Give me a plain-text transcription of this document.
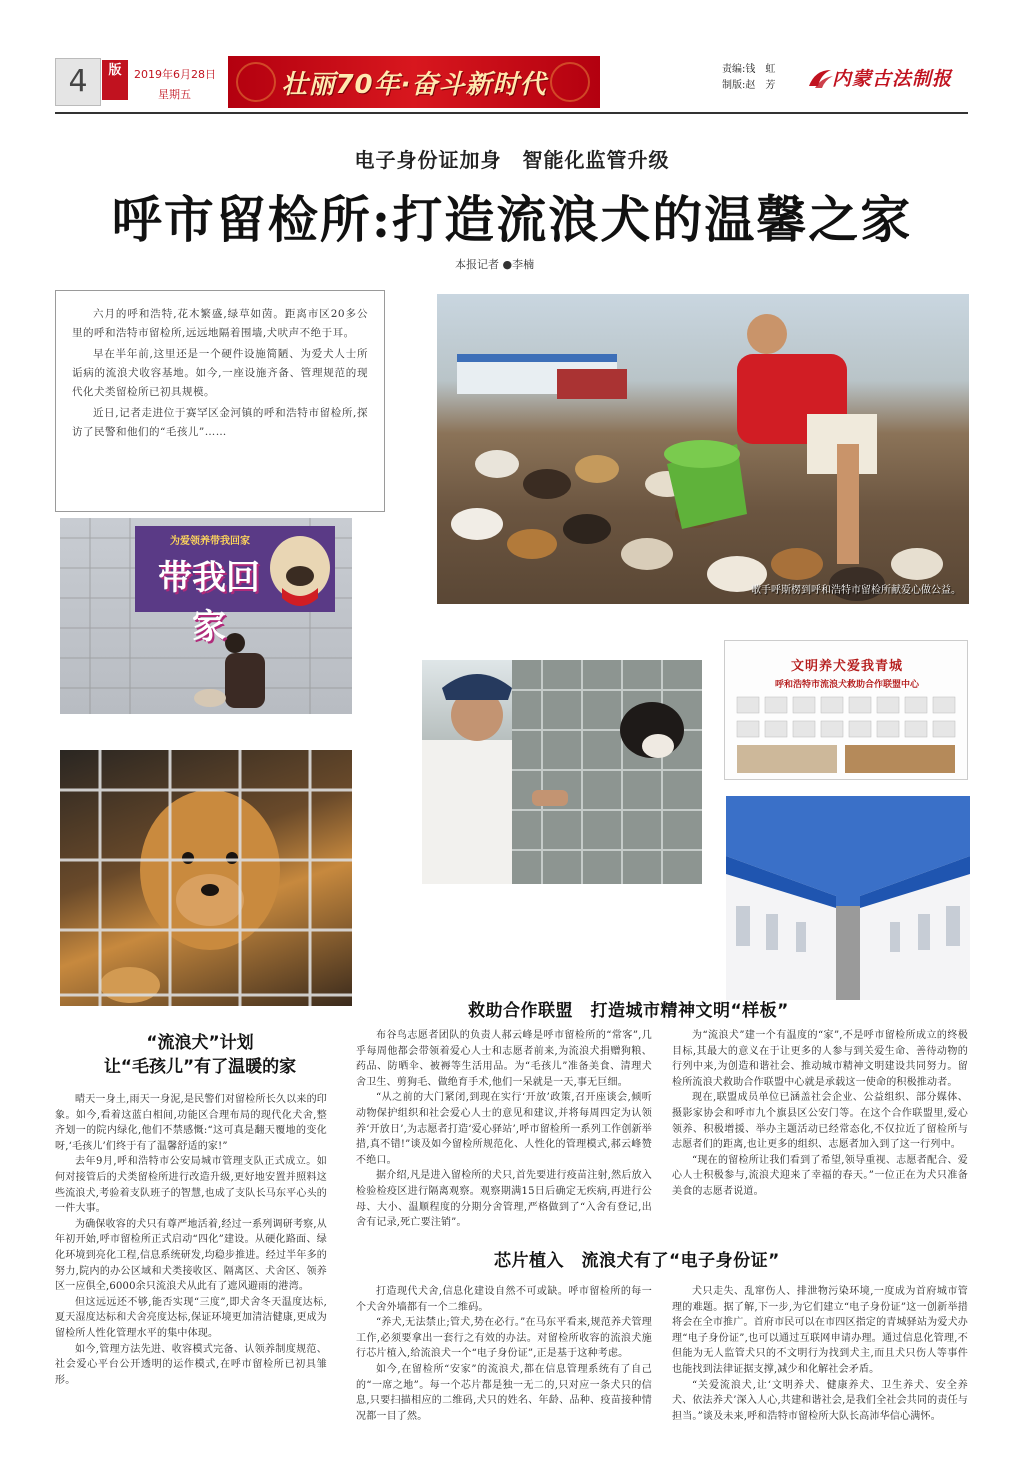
4	版	2019年6月28日
星期五	壮丽70年·奋斗新时代
责编:钱　虹
制版:赵　芳	内蒙古法制报
电子身份证加身　智能化监管升级
呼市留检所:打造流浪犬的温馨之家
本报记者 ●李楠

六月的呼和浩特,花木繁盛,绿草如茵。距离市区20多公里的呼和浩特市留检所,远远地隔着围墙,犬吠声不绝于耳。

早在半年前,这里还是一个硬件设施简陋、为爱犬人士所诟病的流浪犬收容基地。如今,一座设施齐备、管理规范的现代化犬类留检所已初具规模。

近日,记者走进位于赛罕区金河镇的呼和浩特市留检所,探访了民警和他们的“毛孩儿”……

歌手呼斯楞到呼和浩特市留检所献爱心做公益。
为爱领养带我回家
带我回家
文明养犬爱我青城
呼和浩特市流浪犬救助合作联盟中心
“流浪犬”计划
让“毛孩儿”有了温暖的家

晴天一身土,雨天一身泥,是民警们对留检所长久以来的印象。如今,看着这蓝白相间,功能区合理布局的现代化犬舍,整齐划一的院内绿化,他们不禁感慨:“这可真是翻天覆地的变化呀,‘毛孩儿’们终于有了温馨舒适的家!”

去年9月,呼和浩特市公安局城市管理支队正式成立。如何对接管后的犬类留检所进行改造升级,更好地安置并照料这些流浪犬,考验着支队班子的智慧,也成了支队长马东平心头的一件大事。

为确保收容的犬只有尊严地活着,经过一系列调研考察,从年初开始,呼市留检所正式启动“四化”建设。从硬化路面、绿化环境到亮化工程,信息系统研发,均稳步推进。经过半年多的努力,院内的办公区域和犬类接收区、隔离区、犬舍区、领养区一应俱全,6000余只流浪犬从此有了遮风避雨的港湾。

但这远远还不够,能否实现“三度”,即犬舍冬天温度达标,夏天湿度达标和犬舍亮度达标,保证环境更加清洁健康,更成为留检所人性化管理水平的集中体现。

如今,管理方法先进、收容模式完备、认领养制度规范、社会爱心平台公开透明的运作模式,在呼市留检所已初具雏形。

救助合作联盟　打造城市精神文明“样板”

布谷鸟志愿者团队的负责人郝云峰是呼市留检所的“常客”,几乎每周他都会带领着爱心人士和志愿者前来,为流浪犬捐赠狗粮、药品、防晒伞、被褥等生活用品。为“毛孩儿”准备美食、清理犬舍卫生、剪狗毛、做绝育手术,他们一呆就是一天,事无巨细。

“从之前的大门紧闭,到现在实行‘开放’政策,召开座谈会,倾听动物保护组织和社会爱心人士的意见和建议,并将每周四定为认领养‘开放日’,为志愿者打造‘爱心驿站’,呼市留检所一系列工作创新举措,真不错!”谈及如今留检所规范化、人性化的管理模式,郝云峰赞不绝口。

据介绍,凡是进入留检所的犬只,首先要进行疫苗注射,然后放入检验检疫区进行隔离观察。观察期满15日后确定无疾病,再进行公母、大小、温顺程度的分期分舍管理,严格做到了“入舍有登记,出舍有记录,死亡要注销”。

为“流浪犬”建一个有温度的“家”,不是呼市留检所成立的终极目标,其最大的意义在于让更多的人参与到关爱生命、善待动物的行列中来,为创造和谐社会、推动城市精神文明建设共同努力。留检所流浪犬救助合作联盟中心就是承载这一使命的积极推动者。

现在,联盟成员单位已涵盖社会企业、公益组织、部分媒体、摄影家协会和呼市九个旗县区公安门等。在这个合作联盟里,爱心领养、积极增援、举办主题活动已经常态化,不仅拉近了留检所与志愿者们的距离,也让更多的组织、志愿者加入到了这一行列中。

“现在的留检所让我们看到了希望,领导重视、志愿者配合、爱心人士积极参与,流浪犬迎来了幸福的春天。”一位正在为犬只准备美食的志愿者说道。

芯片植入　流浪犬有了“电子身份证”

打造现代犬舍,信息化建设自然不可或缺。呼市留检所的每一个犬舍外墙都有一个二维码。

“养犬,无法禁止;管犬,势在必行。”在马东平看来,规范养犬管理工作,必须要拿出一套行之有效的办法。对留检所收容的流浪犬施行芯片植入,给流浪犬一个“电子身份证”,正是基于这种考虑。

如今,在留检所“安家”的流浪犬,都在信息管理系统有了自己的“一席之地”。每一个芯片都是独一无二的,只对应一条犬只的信息,只要扫描相应的二维码,犬只的姓名、年龄、品种、疫苗接种情况都一目了然。

犬只走失、乱窜伤人、排泄物污染环境,一度成为首府城市管理的难题。据了解,下一步,为它们建立“电子身份证”这一创新举措将会在全市推广。首府市民可以在市四区指定的青城驿站为爱犬办理“电子身份证”,也可以通过互联网申请办理。通过信息化管理,不但能为无人监管犬只的不文明行为找到犬主,而且犬只伤人等事件也能找到法律证据支撑,减少和化解社会矛盾。

“关爱流浪犬,让‘文明养犬、健康养犬、卫生养犬、安全养犬、依法养犬’深入人心,共建和谐社会,是我们全社会共同的责任与担当。”谈及未来,呼和浩特市留检所大队长高沛华信心满怀。
